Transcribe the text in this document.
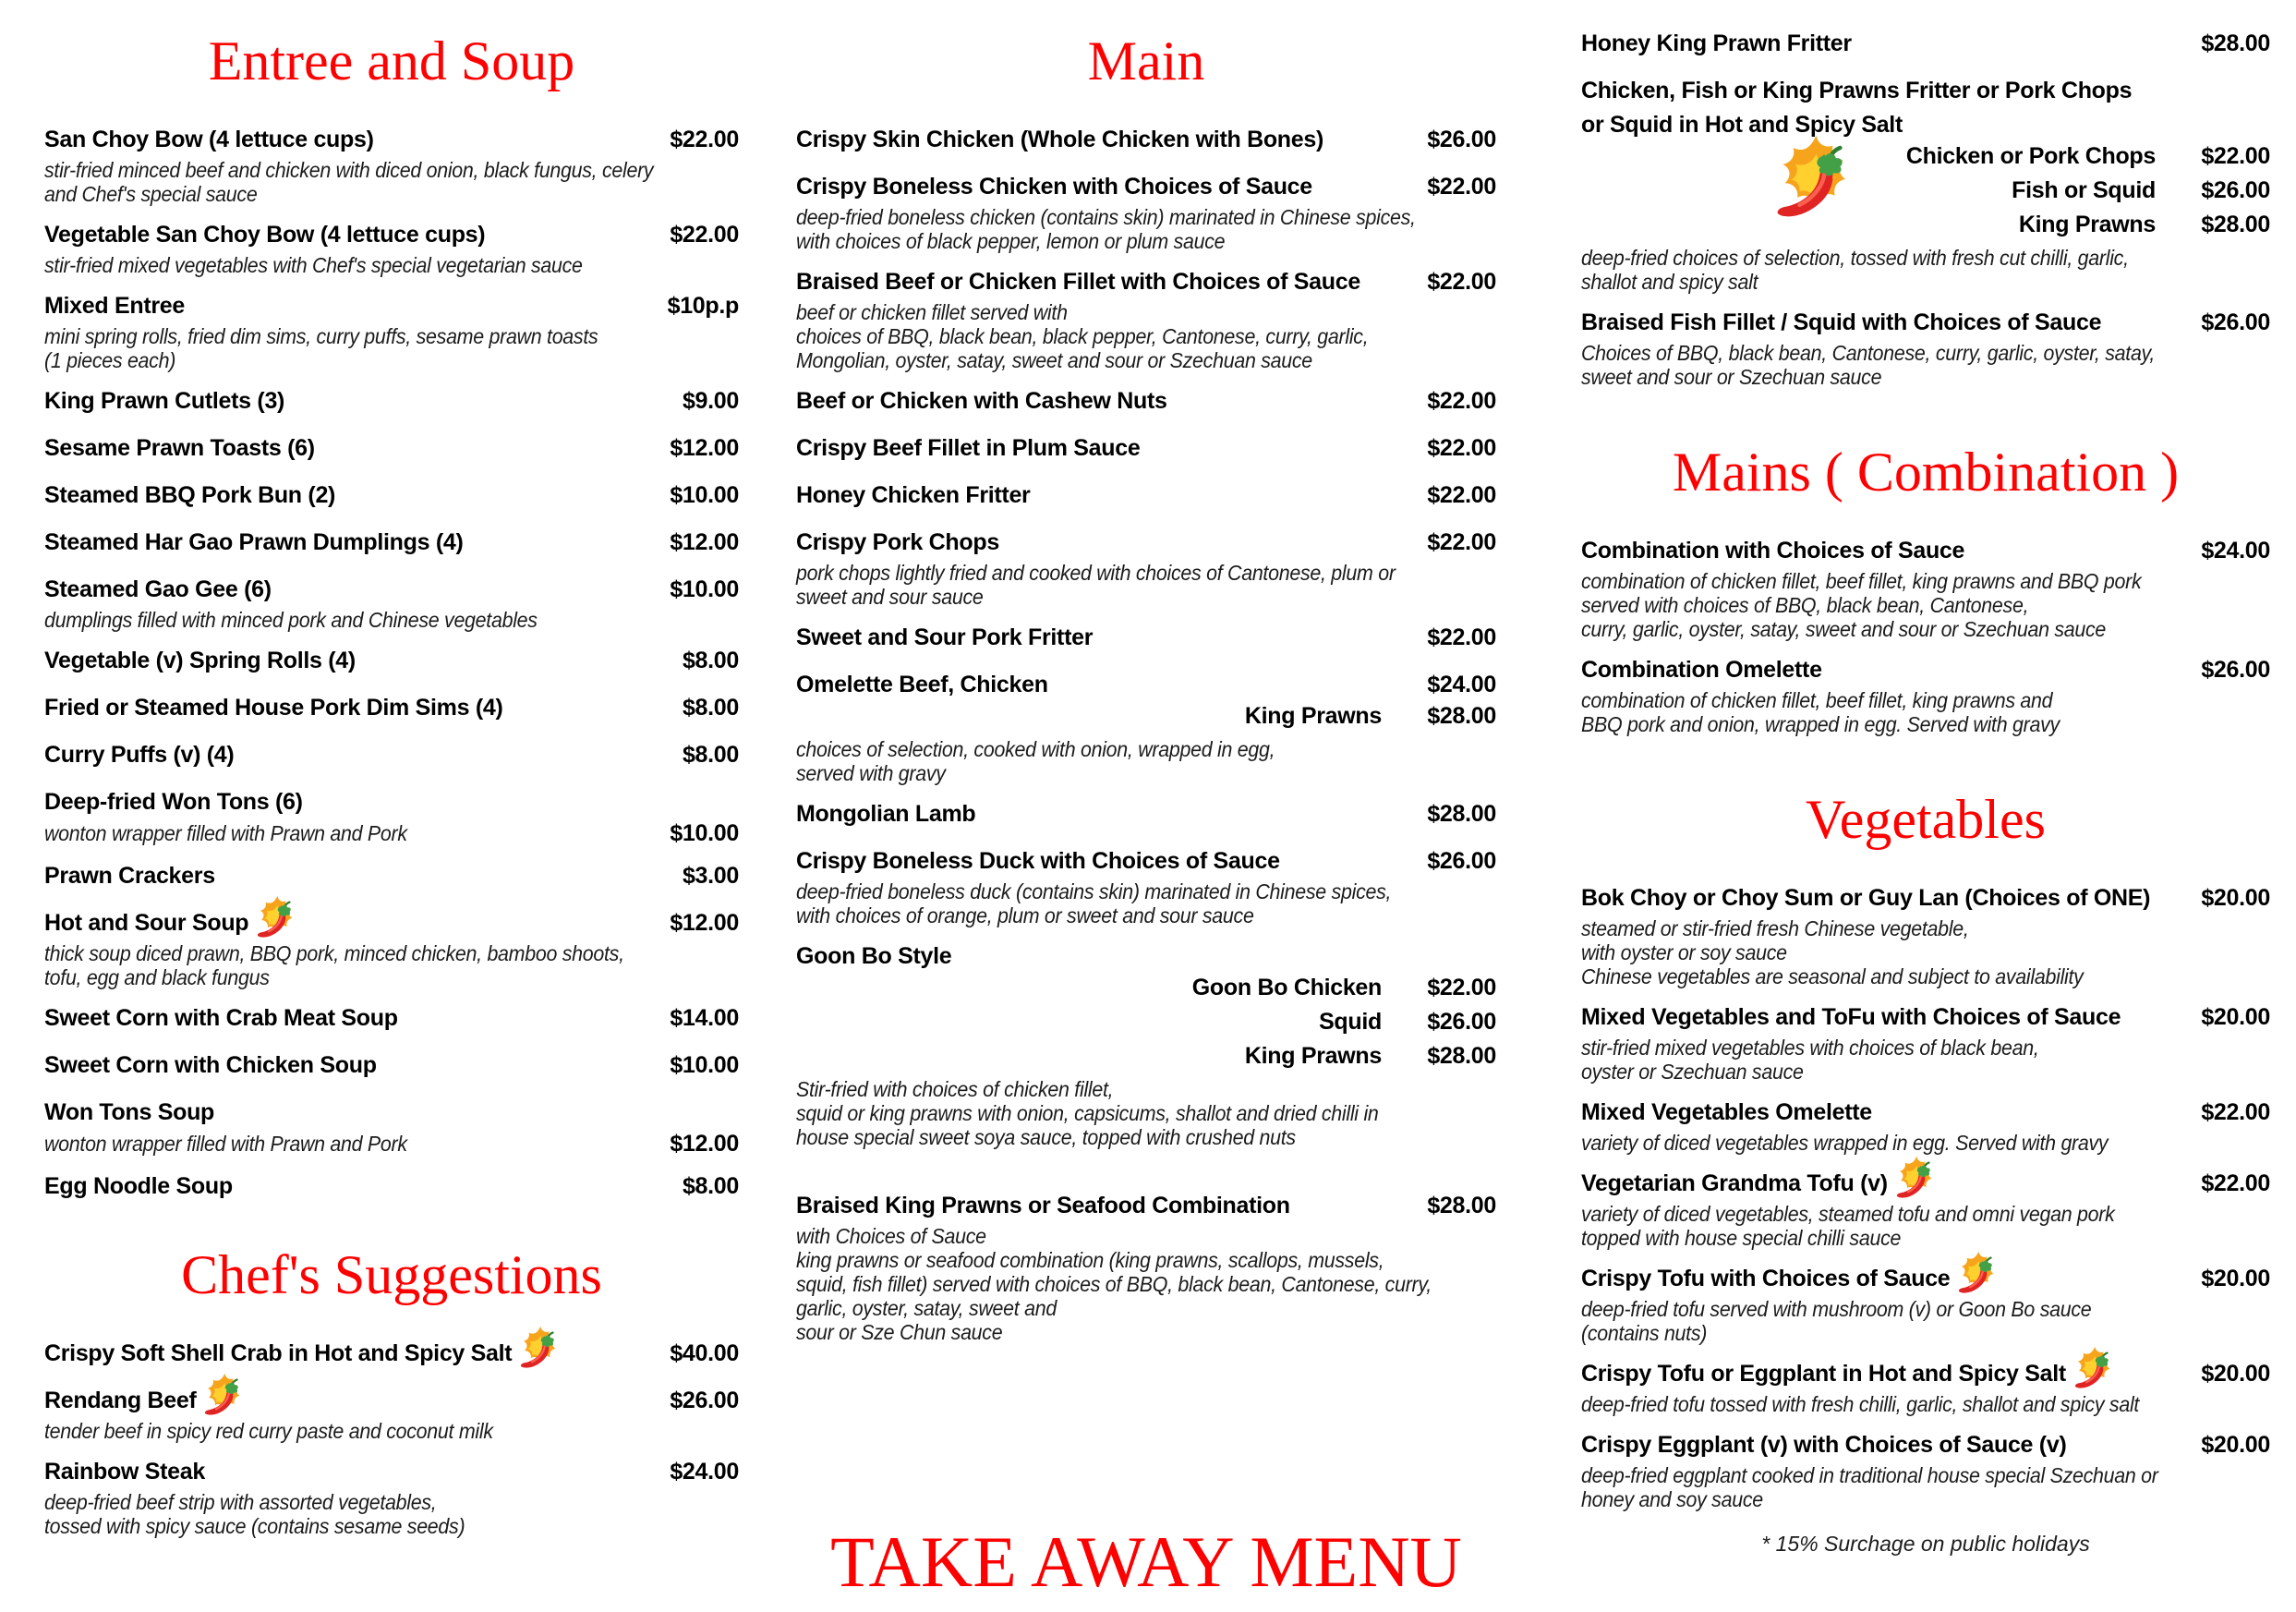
Entree and Soup
San Choy Bow (4 lettuce cups)	$22.00
stir-fried minced beef and chicken with diced onion, black fungus, celery
and Chef's special sauce
Vegetable San Choy Bow (4 lettuce cups)	$22.00
stir-fried mixed vegetables with Chef's special vegetarian sauce
Mixed Entree	$10p.p
mini spring rolls, fried dim sims, curry puffs, sesame prawn toasts
(1 pieces each)
King Prawn Cutlets (3)	$9.00
Sesame Prawn Toasts (6)	$12.00
Steamed BBQ Pork Bun (2)	$10.00
Steamed Har Gao Prawn Dumplings (4)	$12.00
Steamed Gao Gee (6)	$10.00
dumplings filled with minced pork and Chinese vegetables
Vegetable (v) Spring Rolls (4)	$8.00
Fried or Steamed House Pork Dim Sims (4)	$8.00
Curry Puffs (v) (4)	$8.00
Deep-fried Won Tons (6)
wonton wrapper filled with Prawn and Pork	$10.00
Prawn Crackers	$3.00
Hot and Sour Soup	$12.00
thick soup diced prawn, BBQ pork, minced chicken, bamboo shoots,
tofu, egg and black fungus
Sweet Corn with Crab Meat Soup	$14.00
Sweet Corn with Chicken Soup	$10.00
Won Tons Soup
wonton wrapper filled with Prawn and Pork	$12.00
Egg Noodle Soup	$8.00
Chef's Suggestions
Crispy Soft Shell Crab in Hot and Spicy Salt	$40.00
Rendang Beef	$26.00
tender beef in spicy red curry paste and coconut milk
Rainbow Steak	$24.00
deep-fried beef strip with assorted vegetables,
tossed with spicy sauce (contains sesame seeds)
Main
Crispy Skin Chicken (Whole Chicken with Bones)	$26.00
Crispy Boneless Chicken with Choices of Sauce	$22.00
deep-fried boneless chicken (contains skin) marinated in Chinese spices,
with choices of black pepper, lemon or plum sauce
Braised Beef or Chicken Fillet with Choices of Sauce	$22.00
beef or chicken fillet served with
choices of BBQ, black bean, black pepper, Cantonese, curry, garlic,
Mongolian, oyster, satay, sweet and sour or Szechuan sauce
Beef or Chicken with Cashew Nuts	$22.00
Crispy Beef Fillet in Plum Sauce	$22.00
Honey Chicken Fritter	$22.00
Crispy Pork Chops	$22.00
pork chops lightly fried and cooked with choices of Cantonese, plum or
sweet and sour sauce
Sweet and Sour Pork Fritter	$22.00
Omelette Beef, Chicken	$24.00
King Prawns	$28.00
choices of selection, cooked with onion, wrapped in egg,
served with gravy
Mongolian Lamb	$28.00
Crispy Boneless Duck with Choices of Sauce	$26.00
deep-fried boneless duck (contains skin) marinated in Chinese spices,
with choices of orange, plum or sweet and sour sauce
Goon Bo Style
Goon Bo Chicken	$22.00
Squid	$26.00
King Prawns	$28.00
Stir-fried with choices of chicken fillet,
squid or king prawns with onion, capsicums, shallot and dried chilli in
house special sweet soya sauce, topped with crushed nuts
Braised King Prawns or Seafood Combination	$28.00
with Choices of Sauce
king prawns or seafood combination (king prawns, scallops, mussels,
squid, fish fillet) served with choices of BBQ, black bean, Cantonese, curry,
garlic, oyster, satay, sweet and
sour or Sze Chun sauce
TAKE AWAY MENU
Honey King Prawn Fritter	$28.00
Chicken, Fish or King Prawns Fritter or Pork Chops
or Squid in Hot and Spicy Salt
Chicken or Pork Chops	$22.00
Fish or Squid	$26.00
King Prawns	$28.00
deep-fried choices of selection, tossed with fresh cut chilli, garlic,
shallot and spicy salt
Braised Fish Fillet / Squid with Choices of Sauce	$26.00
Choices of BBQ, black bean, Cantonese, curry, garlic, oyster, satay,
sweet and sour or Szechuan sauce
Mains ( Combination )
Combination with Choices of Sauce	$24.00
combination of chicken fillet, beef fillet, king prawns and BBQ pork
served with choices of BBQ, black bean, Cantonese,
curry, garlic, oyster, satay, sweet and sour or Szechuan sauce
Combination Omelette	$26.00
combination of chicken fillet, beef fillet, king prawns and
BBQ pork and onion, wrapped in egg. Served with gravy
Vegetables
Bok Choy or Choy Sum or Guy Lan (Choices of ONE)	$20.00
steamed or stir-fried fresh Chinese vegetable,
with oyster or soy sauce
Chinese vegetables are seasonal and subject to availability
Mixed Vegetables and ToFu with Choices of Sauce	$20.00
stir-fried mixed vegetables with choices of black bean,
oyster or Szechuan sauce
Mixed Vegetables Omelette	$22.00
variety of diced vegetables wrapped in egg. Served with gravy
Vegetarian Grandma Tofu (v)	$22.00
variety of diced vegetables, steamed tofu and omni vegan pork
topped with house special chilli sauce
Crispy Tofu with Choices of Sauce	$20.00
deep-fried tofu served with mushroom (v) or Goon Bo sauce
(contains nuts)
Crispy Tofu or Eggplant in Hot and Spicy Salt	$20.00
deep-fried tofu tossed with fresh chilli, garlic, shallot and spicy salt
Crispy Eggplant (v) with Choices of Sauce (v)	$20.00
deep-fried eggplant cooked in traditional house special Szechuan or
honey and soy sauce
* 15% Surchage on public holidays
